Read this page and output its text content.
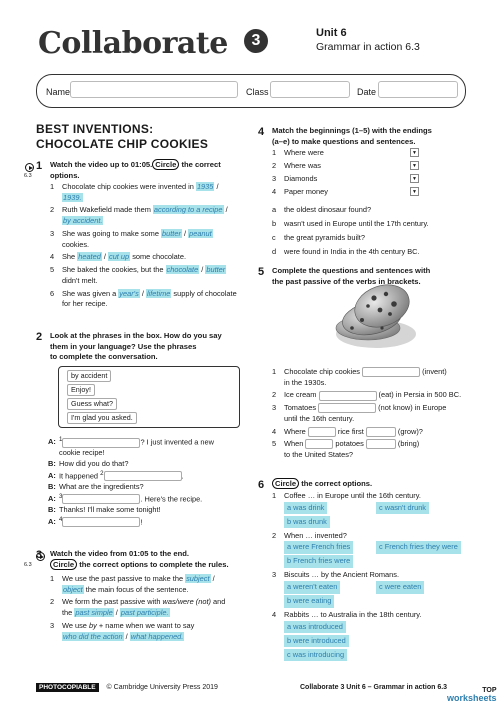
Collaborate	3	Unit 6
Grammar in action 6.3
Name	Class	Date
BEST INVENTIONS:
CHOCOLATE CHIP COOKIES

6.3
1 Watch the video up to 01:05. Circle the correct
options.
1 Chocolate chip cookies were invented in 1935 /
1939.
2 Ruth Wakefield made them according to a recipe /
by accident.
3 She was going to make some butter / peanut
cookies.
4 She heated / cut up some chocolate.
5 She baked the cookies, but the chocolate / butter
didn't melt.
6 She was given a year's / lifetime supply of chocolate
for her recipe.
2 Look at the phrases in the box. How do you say
them in your language? Use the phrases
to complete the conversation.
by accident
Enjoy!
Guess what?
I'm glad you asked.
A: $^1$	? I just invented a new
cookie recipe!
B: How did you do that?
A: It happened $^2$	.
B: What are the ingredients?
A: $^3$	. Here's the recipe.
B: Thanks! I'll make some tonight!
A: $^4$	!
6.3
3 Watch the video from 01:05 to the end.
Circle the correct options to complete the rules.
1 We use the past passive to make the subject /
object the main focus of the sentence.
2 We form the past passive with was/were (not) and
the past simple / past participle.
3 We use by + name when we want to say
who did the action / what happened.
4 Match the beginnings (1–5) with the endings
(a–e) to make questions and sentences.
1 Where were
2 Where was
3 Diamonds
4 Paper money
▼
▼
▼
▼
a the oldest dinosaur found?
b wasn't used in Europe until the 17th century.
c the great pyramids built?
d were found in India in the 4th century BC.
5 Complete the questions and sentences with
the past passive of the verbs in brackets.
1 Chocolate chip cookies	(invent)
in the 1930s.
2 Ice cream	(eat) in Persia in 500 BC.
3 Tomatoes	(not know) in Europe
until the 16th century.
4 Where	rice first	(grow)?
5 When	potatoes	(bring)
to the United States?
6	Circle the correct options.
1 Coffee … in Europe until the 16th century.
a was drink	c wasn't drunk
b was drunk
2 When … invented?
a were French fries	c French fries they were
b French fries were
3 Biscuits … by the Ancient Romans.
a weren't eaten	c were eaten
b were eating
4 Rabbits … to Australia in the 18th century.
a was introduced
b were introduced
c was introducing
PHOTOCOPIABLE © Cambridge University Press 2019	Collaborate 3 Unit 6 – Grammar in action 6.3	TOP
worksheets
